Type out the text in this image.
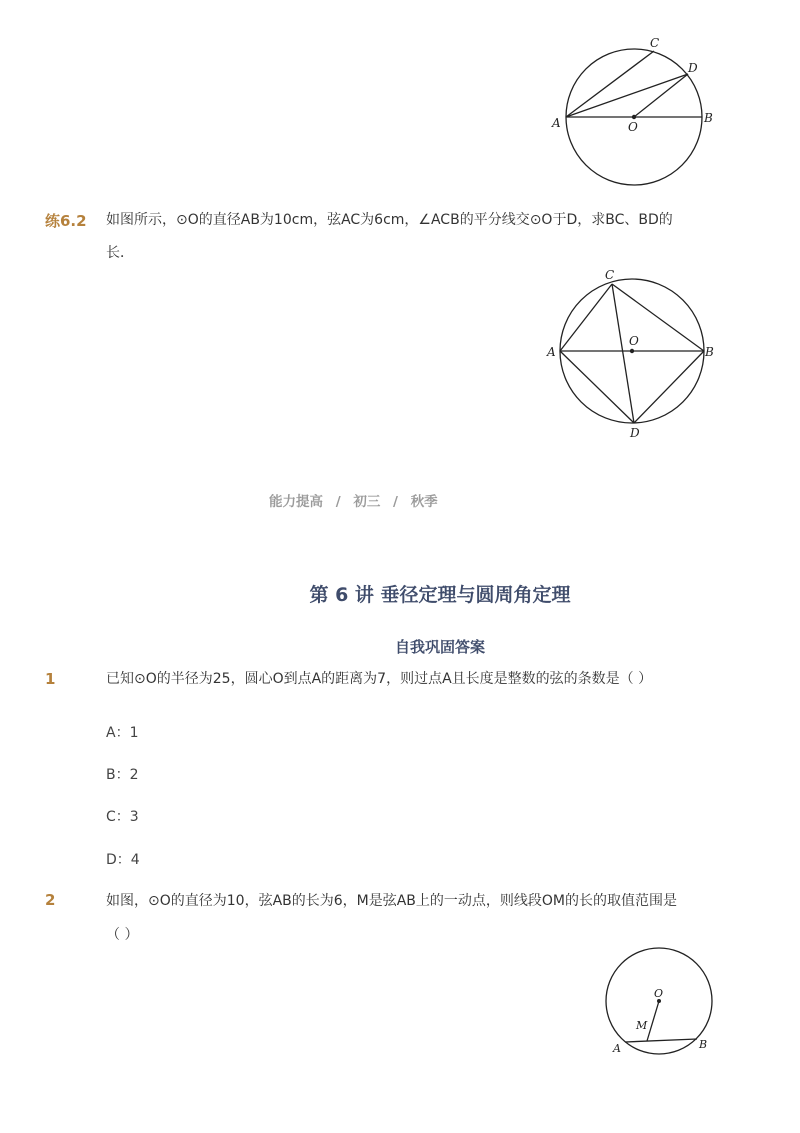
C
D
A	O
B
练6.2 如图所示，⊙O的直径AB为10cm，弦AC为6cm，∠ACB的平分线交⊙O于D，求BC、BD的
长．
C
O
A	B
D
能力提高 / 初三 / 秋季
第 6 讲 垂径定理与圆周角定理
自我巩固答案
1	已知⊙O的半径为25，圆心O到点A的距离为7，则过点A且长度是整数的弦的条数是（ ）
A：1
B：2
C：3
D：4
2	如图，⊙O的直径为10，弦AB的长为6，M是弦AB上的一动点，则线段OM的长的取值范围是
（ ）
O
M
A	B
